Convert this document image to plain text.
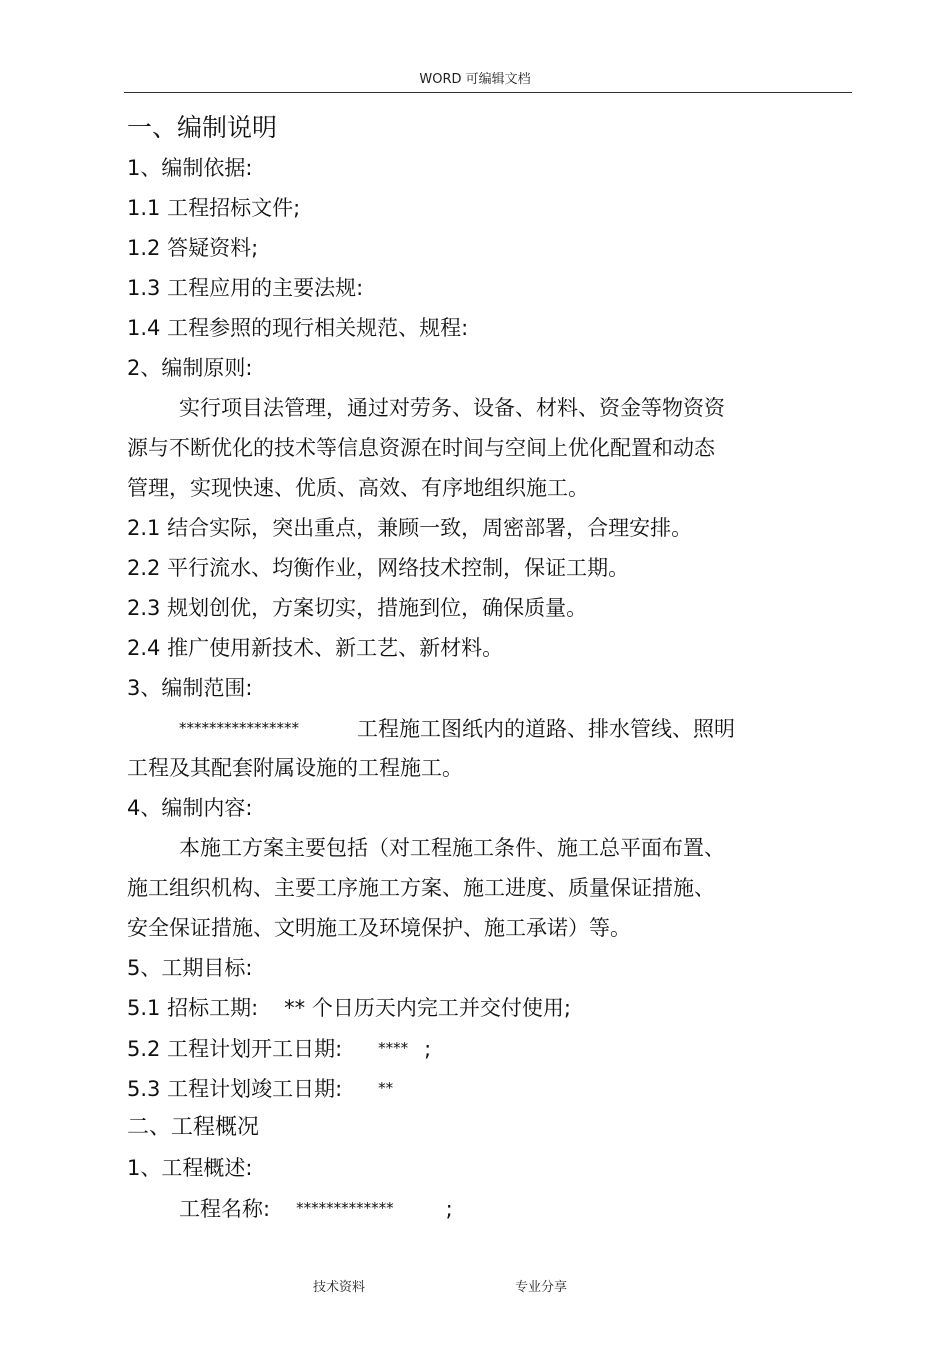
WORD 可编辑文档
一、编制说明
1、编制依据:
1.1 工程招标文件;
1.2 答疑资料;
1.3 工程应用的主要法规:
1.4 工程参照的现行相关规范、规程:
2、编制原则:
实行项目法管理，通过对劳务、设备、材料、资金等物资资
源与不断优化的技术等信息资源在时间与空间上优化配置和动态
管理，实现快速、优质、高效、有序地组织施工。
2.1 结合实际，突出重点，兼顾一致，周密部署，合理安排。
2.2 平行流水、均衡作业，网络技术控制，保证工期。
2.3 规划创优，方案切实，措施到位，确保质量。
2.4 推广使用新技术、新工艺、新材料。
3、编制范围:
****************	工程施工图纸内的道路、排水管线、照明
工程及其配套附属设施的工程施工。
4、编制内容:
本施工方案主要包括（对工程施工条件、施工总平面布置、
施工组织机构、主要工序施工方案、施工进度、质量保证措施、
安全保证措施、文明施工及环境保护、施工承诺）等。
5、工期目标:
5.1 招标工期: ** 个日历天内完工并交付使用;
5.2 工程计划开工日期: **** ;
5.3 工程计划竣工日期: **
二、工程概况
1、工程概述:
工程名称: ************* ;
技术资料	专业分享
